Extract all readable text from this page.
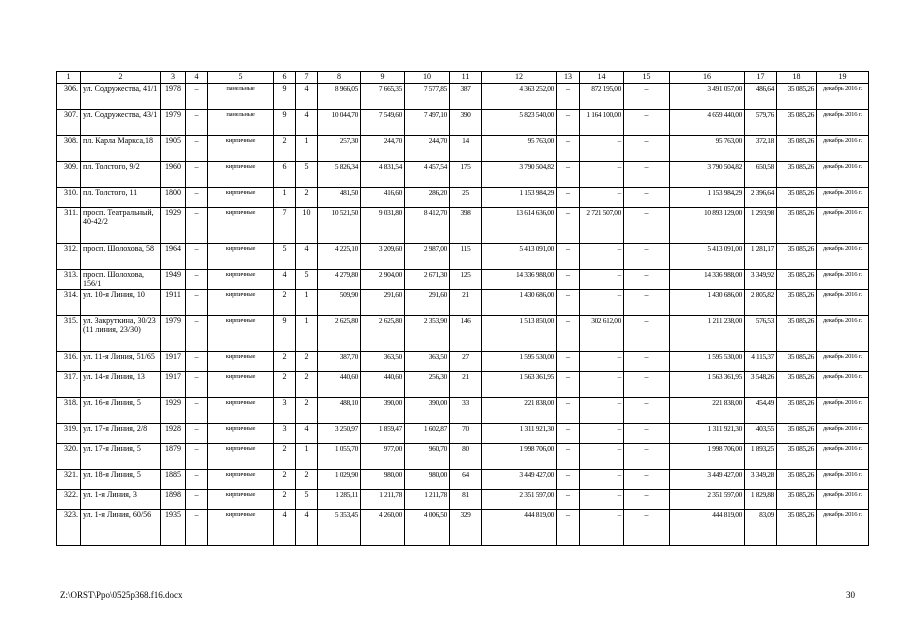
1	2	3	4	5	6	7	8	9	10	11	12	13	14	15	16	17	18	19
306.	ул. Содружества, 41/1	1978	–	панельные	9	4	8 966,05	7 665,35	7 577,85	387	4 363 252,00	–	872 195,00	–	3 491 057,00	486,64	35 085,26	декабрь 2016 г.
307.	ул. Содружества, 43/1	1979	–	панельные	9	4	10 044,70	7 549,60	7 497,10	390	5 823 540,00	–	1 164 100,00	–	4 659 440,00	579,76	35 085,26	декабрь 2016 г.
308.	пл. Карла Маркса,18	1905	–	кирпичные	2	1	257,30	244,70	244,70	14	95 763,00	–	–	–	95 763,00	372,18	35 085,26	декабрь 2016 г.
309.	пл. Толстого, 9/2	1960	–	кирпичные	6	5	5 826,34	4 831,54	4 457,54	175	3 790 504,82	–	–	–	3 790 504,82	650,58	35 085,26	декабрь 2016 г.
310.	пл. Толстого, 11	1800	–	кирпичные	1	2	481,50	416,60	286,20	25	1 153 984,29	–	–	–	1 153 984,29	2 396,64	35 085,26	декабрь 2016 г.
311.	просп. Театральный, 40-42/2	1929	–	кирпичные	7	10	10 521,50	9 031,80	8 412,70	398	13 614 636,00	–	2 721 507,00	–	10 893 129,00	1 293,98	35 085,26	декабрь 2016 г.
312.	просп. Шолохова, 58	1964	–	кирпичные	5	4	4 225,10	3 209,60	2 987,00	115	5 413 091,00	–	–	–	5 413 091,00	1 281,17	35 085,26	декабрь 2016 г.
313.	просп. Шолохова, 156/1	1949	–	кирпичные	4	5	4 279,80	2 904,00	2 671,30	125	14 336 988,00	–	–	–	14 336 988,00	3 349,92	35 085,26	декабрь 2016 г.
314.	ул. 10-я Линия, 10	1911	–	кирпичные	2	1	509,90	291,60	291,60	21	1 430 686,00	–	–	–	1 430 686,00	2 805,82	35 085,26	декабрь 2016 г.
315.	ул. Закруткина, 30/23 (11 линия, 23/30)	1979	–	кирпичные	9	1	2 625,80	2 625,80	2 353,90	146	1 513 850,00	–	302 612,00	–	1 211 238,00	576,53	35 085,26	декабрь 2016 г.
316.	ул. 11-я Линия, 51/65	1917	–	кирпичные	2	2	387,70	363,50	363,50	27	1 595 530,00	–	–	–	1 595 530,00	4 115,37	35 085,26	декабрь 2016 г.
317.	ул. 14-я Линия, 13	1917	–	кирпичные	2	2	440,60	440,60	256,30	21	1 563 361,95	–	–	–	1 563 361,95	3 548,26	35 085,26	декабрь 2016 г.
318.	ул. 16-я Линия, 5	1929	–	кирпичные	3	2	488,10	390,00	390,00	33	221 838,00	–	–	–	221 838,00	454,49	35 085,26	декабрь 2016 г.
319.	ул. 17-я Линия, 2/8	1928	–	кирпичные	3	4	3 250,97	1 859,47	1 602,87	70	1 311 921,30	–	–	–	1 311 921,30	403,55	35 085,26	декабрь 2016 г.
320.	ул. 17-я Линия, 5	1879	–	кирпичные	2	1	1 055,70	977,00	960,70	80	1 998 706,00	–	–	–	1 998 706,00	1 893,25	35 085,26	декабрь 2016 г.
321.	ул. 18-я Линия, 5	1885	–	кирпичные	2	2	1 029,90	980,00	980,00	64	3 449 427,00	–	–	–	3 449 427,00	3 349,28	35 085,26	декабрь 2016 г.
322.	ул. 1-я Линия, 3	1898	–	кирпичные	2	5	1 285,11	1 211,78	1 211,78	81	2 351 597,00	–	–	–	2 351 597,00	1 829,88	35 085,26	декабрь 2016 г.
323.	ул. 1-я Линия, 60/56	1935	–	кирпичные	4	4	5 353,45	4 260,00	4 006,50	329	444 819,00	–	–	–	444 819,00	83,09	35 085,26	декабрь 2016 г.
Z:\ORST\Ppo\0525p368.f16.docx	30
